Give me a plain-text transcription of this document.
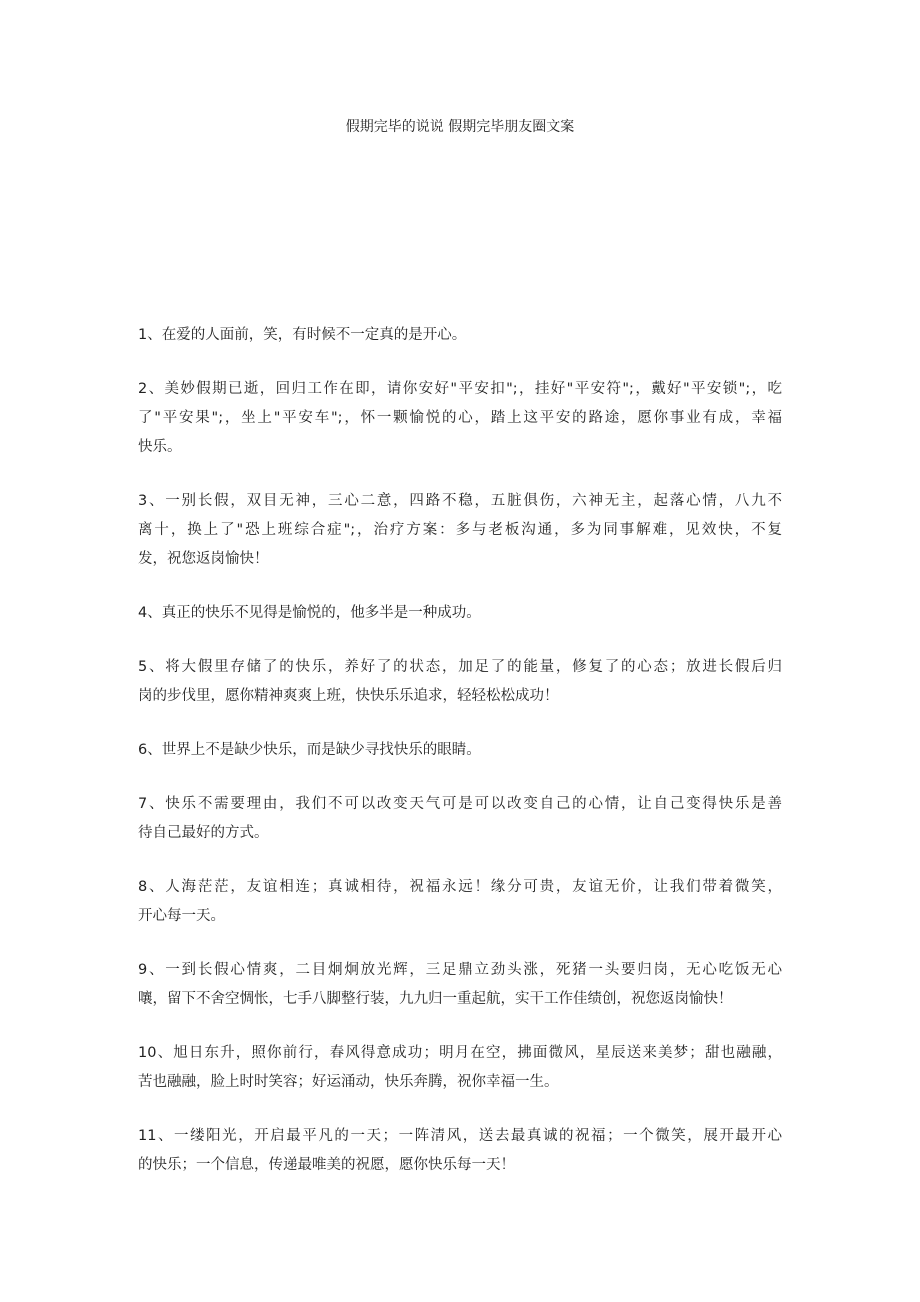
假期完毕的说说 假期完毕朋友圈文案
1、在爱的人面前，笑，有时候不一定真的是开心。
2、美妙假期已逝，回归工作在即，请你安好"平安扣";，挂好"平安符";，戴好"平安锁";，吃
了"平安果";，坐上"平安车";，怀一颗愉悦的心，踏上这平安的路途，愿你事业有成，幸福
快乐。
3、一别长假，双目无神，三心二意，四路不稳，五脏俱伤，六神无主，起落心情，八九不
离十，换上了"恐上班综合症";，治疗方案：多与老板沟通，多为同事解难，见效快，不复
发，祝您返岗愉快！
4、真正的快乐不见得是愉悦的，他多半是一种成功。
5、将大假里存储了的快乐，养好了的状态，加足了的能量，修复了的心态；放进长假后归
岗的步伐里，愿你精神爽爽上班，快快乐乐追求，轻轻松松成功！
6、世界上不是缺少快乐，而是缺少寻找快乐的眼睛。
7、快乐不需要理由，我们不可以改变天气可是可以改变自己的心情，让自己变得快乐是善
待自己最好的方式。
8、人海茫茫，友谊相连；真诚相待，祝福永远！缘分可贵，友谊无价，让我们带着微笑，
开心每一天。
9、一到长假心情爽，二目炯炯放光辉，三足鼎立劲头涨，死猪一头要归岗，无心吃饭无心
嚷，留下不舍空惆怅，七手八脚整行装，九九归一重起航，实干工作佳绩创，祝您返岗愉快！
10、旭日东升，照你前行，春风得意成功；明月在空，拂面微风，星辰送来美梦；甜也融融，
苦也融融，脸上时时笑容；好运涌动，快乐奔腾，祝你幸福一生。
11、一缕阳光，开启最平凡的一天；一阵清风，送去最真诚的祝福；一个微笑，展开最开心
的快乐；一个信息，传递最唯美的祝愿，愿你快乐每一天！
